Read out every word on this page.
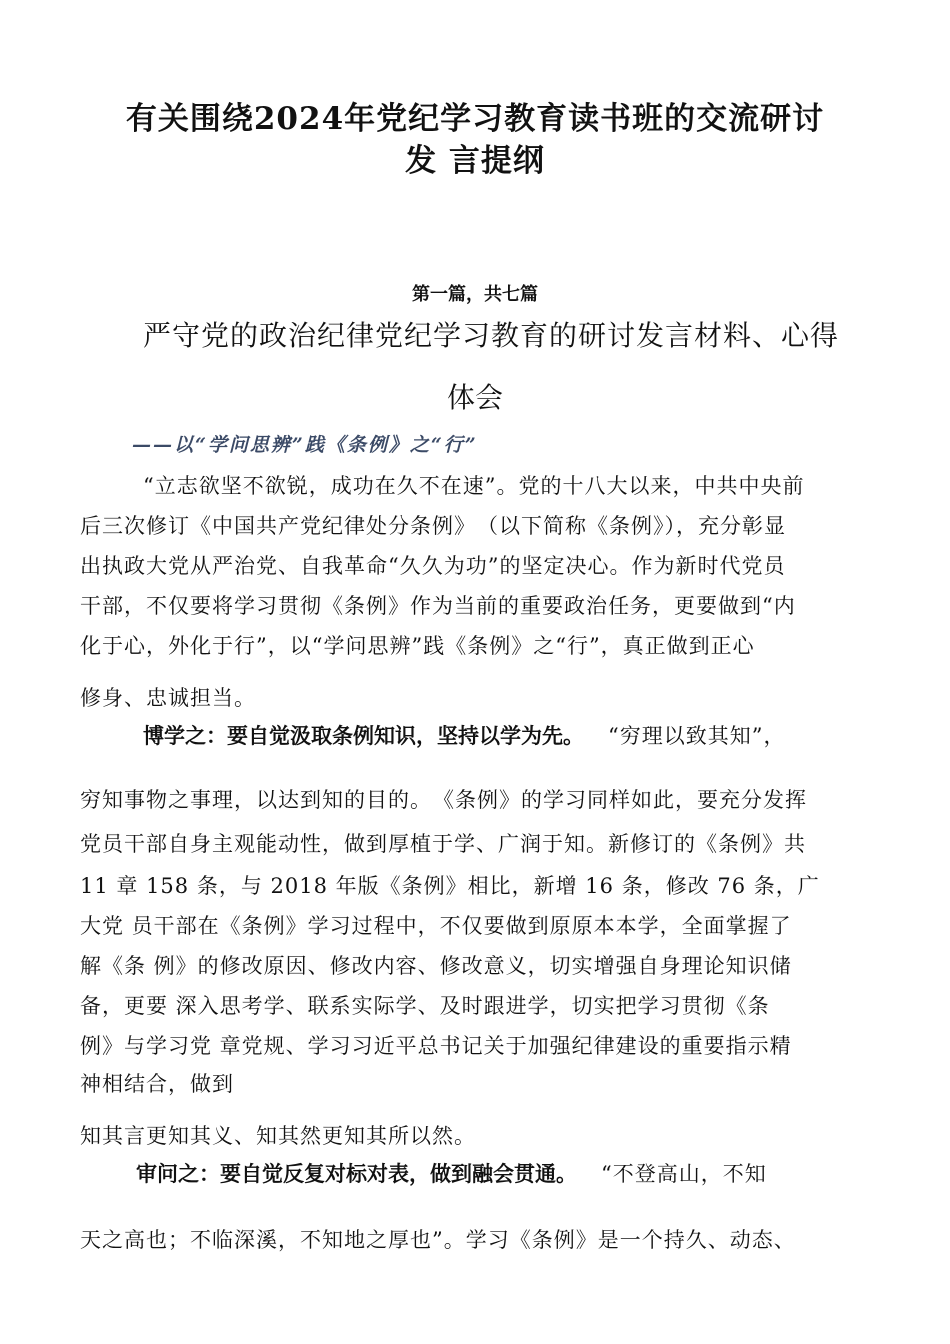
有关围绕2024年党纪学习教育读书班的交流研讨
发 言提纲
第一篇，共七篇
严守党的政治纪律党纪学习教育的研讨发言材料、心得
体会
——以“学问思辨”践《条例》之“行”
“立志欲坚不欲锐，成功在久不在速”。党的十八大以来，中共中央前
后三次修订《中国共产党纪律处分条例》　（以下简称《条例》），充分彰显
出执政大党从严治党、自我革命“久久为功”的坚定决心。作为新时代党员
干部，不仅要将学习贯彻《条例》作为当前的重要政治任务，更要做到“内
化于心，外化于行”，以“学问思辨”践《条例》之“行”，真正做到正心
修身、忠诚担当。
博学之：要自觉汲取条例知识，坚持以学为先。 “穷理以致其知”，
穷知事物之事理，以达到知的目的。　《条例》的学习同样如此，要充分发挥
党员干部自身主观能动性，做到厚植于学、广润于知。新修订的《条例》共
11 章 158 条，与 2018 年版《条例》相比，新增 16 条，修改 76 条，广
大党 员干部在《条例》学习过程中，不仅要做到原原本本学，全面掌握了
解《条 例》的修改原因、修改内容、修改意义，切实增强自身理论知识储
备，更要 深入思考学、联系实际学、及时跟进学，切实把学习贯彻《条
例》与学习党 章党规、学习习近平总书记关于加强纪律建设的重要指示精
神相结合，做到
知其言更知其义、知其然更知其所以然。
审问之：要自觉反复对标对表，做到融会贯通。 “不登高山，不知
天之高也；不临深溪，不知地之厚也”。学习《条例》是一个持久、动态、
